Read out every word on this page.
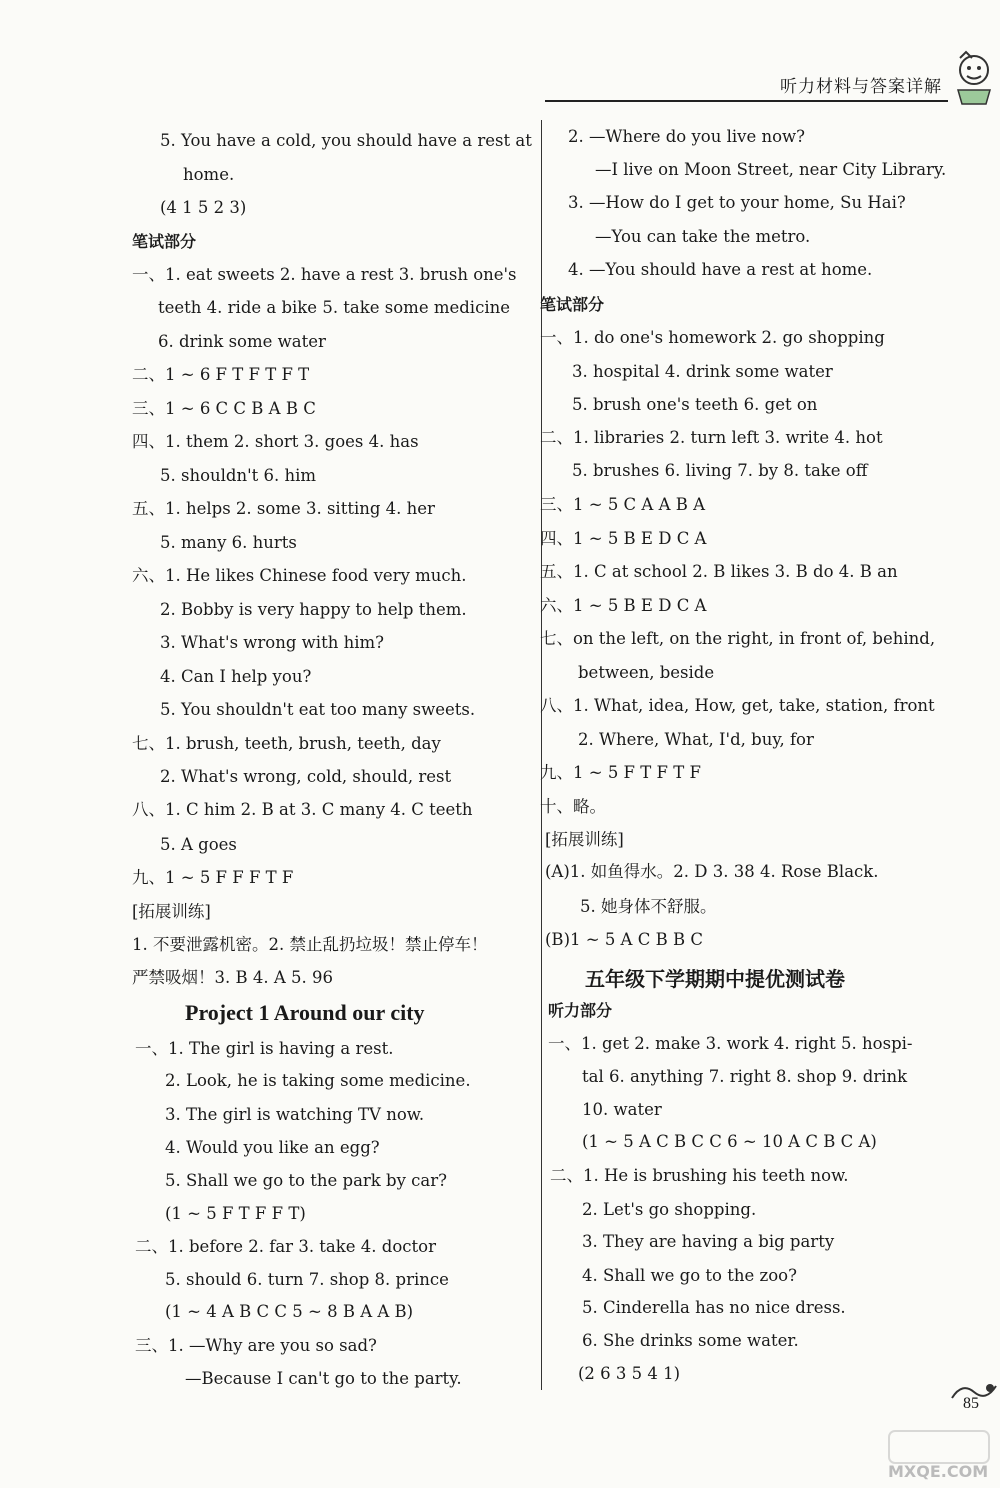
听力材料与答案详解
5. You have a cold, you should have a rest at
home.
(4 1 5 2 3)
笔试部分
一、1. eat sweets 2. have a rest 3. brush one's
teeth 4. ride a bike 5. take some medicine
6. drink some water
二、1 ~ 6 F T F T F T
三、1 ~ 6 C C B A B C
四、1. them 2. short 3. goes 4. has
5. shouldn't 6. him
五、1. helps 2. some 3. sitting 4. her
5. many 6. hurts
六、1. He likes Chinese food very much.
2. Bobby is very happy to help them.
3. What's wrong with him?
4. Can I help you?
5. You shouldn't eat too many sweets.
七、1. brush, teeth, brush, teeth, day
2. What's wrong, cold, should, rest
八、1. C him 2. B at 3. C many 4. C teeth
5. A goes
九、1 ~ 5 F F F T F
[拓展训练]
1. 不要泄露机密。2. 禁止乱扔垃圾！禁止停车！
严禁吸烟！3. B 4. A 5. 96
Project 1 Around our city
一、1. The girl is having a rest.
2. Look, he is taking some medicine.
3. The girl is watching TV now.
4. Would you like an egg?
5. Shall we go to the park by car?
(1 ~ 5 F T F F T)
二、1. before 2. far 3. take 4. doctor
5. should 6. turn 7. shop 8. prince
(1 ~ 4 A B C C 5 ~ 8 B A A B)
三、1. —Why are you so sad?
—Because I can't go to the party.
2. —Where do you live now?
—I live on Moon Street, near City Library.
3. —How do I get to your home, Su Hai?
—You can take the metro.
4. —You should have a rest at home.
笔试部分
一、1. do one's homework 2. go shopping
3. hospital 4. drink some water
5. brush one's teeth 6. get on
二、1. libraries 2. turn left 3. write 4. hot
5. brushes 6. living 7. by 8. take off
三、1 ~ 5 C A A B A
四、1 ~ 5 B E D C A
五、1. C at school 2. B likes 3. B do 4. B an
六、1 ~ 5 B E D C A
七、on the left, on the right, in front of, behind,
between, beside
八、1. What, idea, How, get, take, station, front
2. Where, What, I'd, buy, for
九、1 ~ 5 F T F T F
十、略。
[拓展训练]
(A)1. 如鱼得水。2. D 3. 38 4. Rose Black.
5. 她身体不舒服。
(B)1 ~ 5 A C B B C
五年级下学期期中提优测试卷
听力部分
一、1. get 2. make 3. work 4. right 5. hospi-
tal 6. anything 7. right 8. shop 9. drink
10. water
(1 ~ 5 A C B C C 6 ~ 10 A C B C A)
二、1. He is brushing his teeth now.
2. Let's go shopping.
3. They are having a big party
4. Shall we go to the zoo?
5. Cinderella has no nice dress.
6. She drinks some water.
(2 6 3 5 4 1)
85
MXQE.COM
